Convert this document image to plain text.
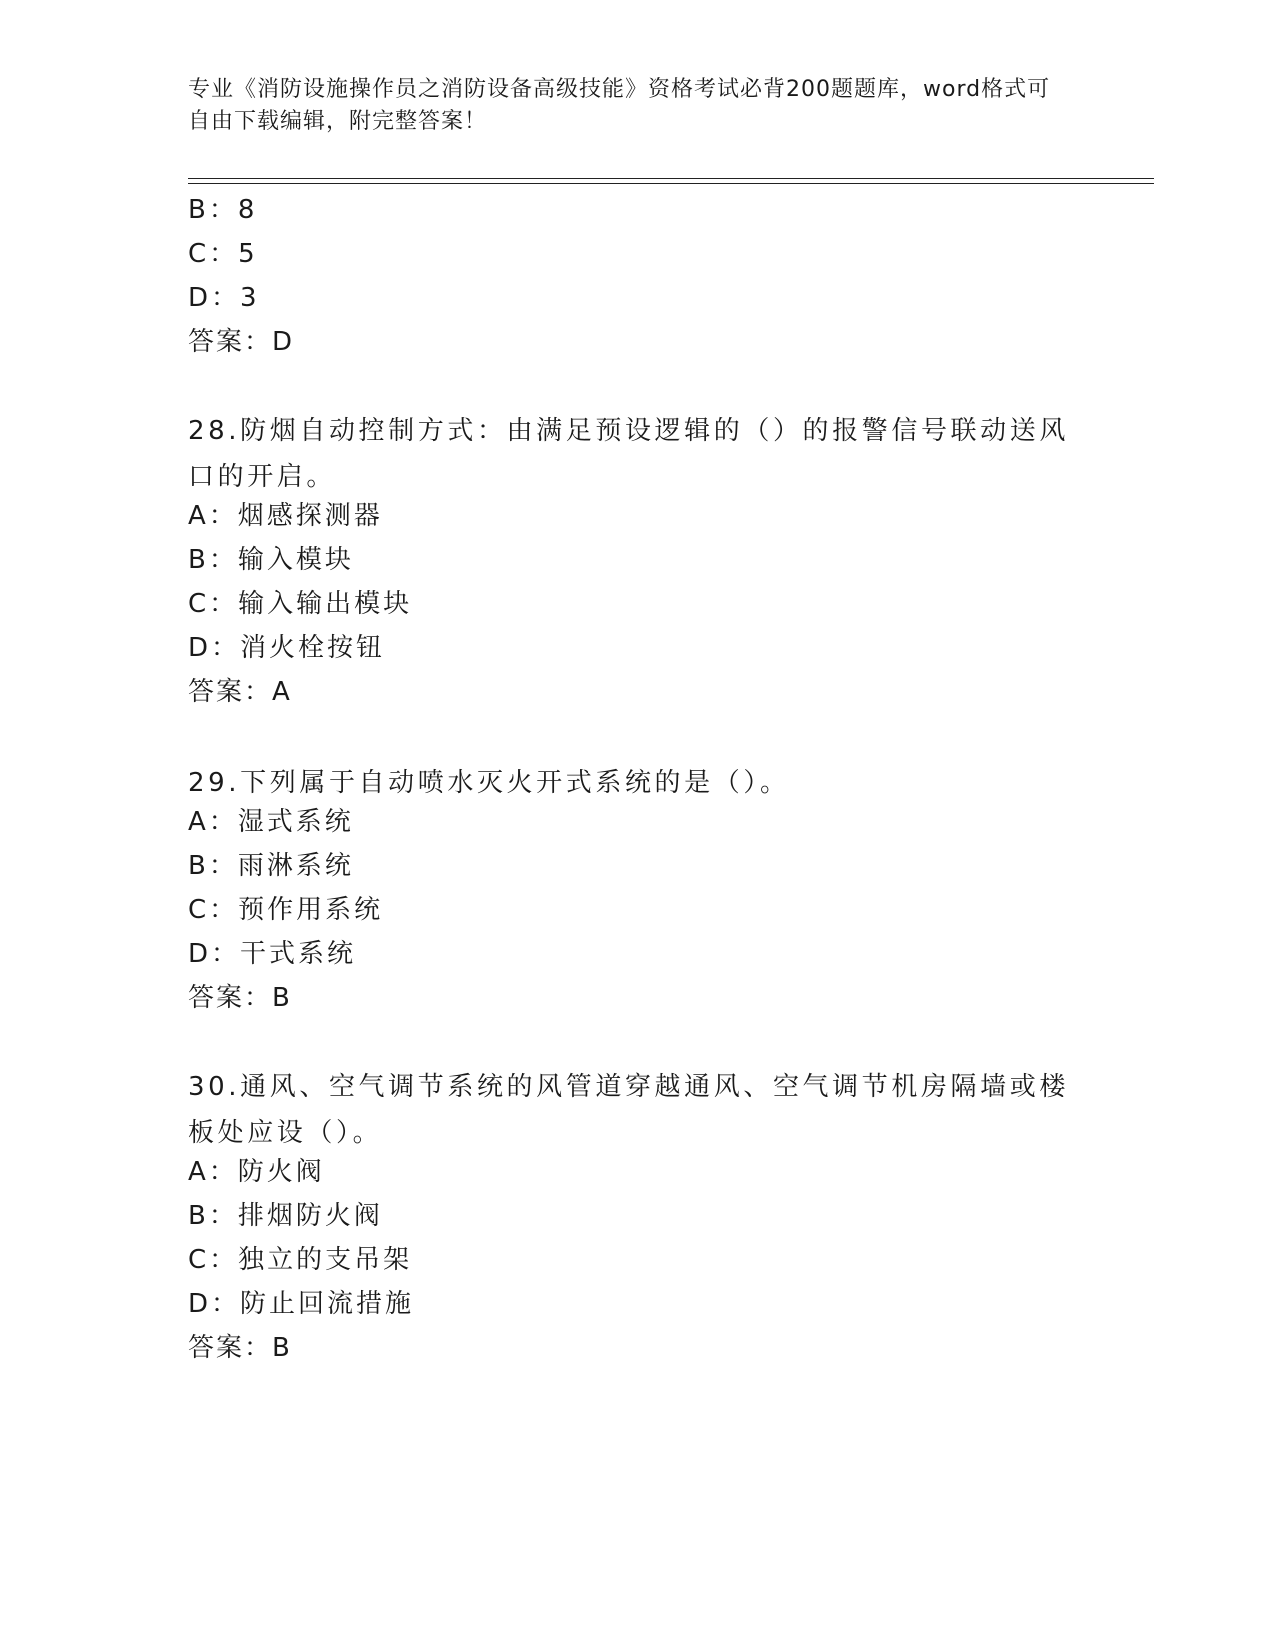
专业《消防设施操作员之消防设备高级技能》资格考试必背200题题库，word格式可自由下载编辑，附完整答案！
B：8
C：5
D：3
答案：D
28.防烟自动控制方式：由满足预设逻辑的（）的报警信号联动送风口的开启。
A：烟感探测器
B：输入模块
C：输入输出模块
D：消火栓按钮
答案：A
29.下列属于自动喷水灭火开式系统的是（）。
A：湿式系统
B：雨淋系统
C：预作用系统
D：干式系统
答案：B
30.通风、空气调节系统的风管道穿越通风、空气调节机房隔墙或楼板处应设（）。
A：防火阀
B：排烟防火阀
C：独立的支吊架
D：防止回流措施
答案：B
